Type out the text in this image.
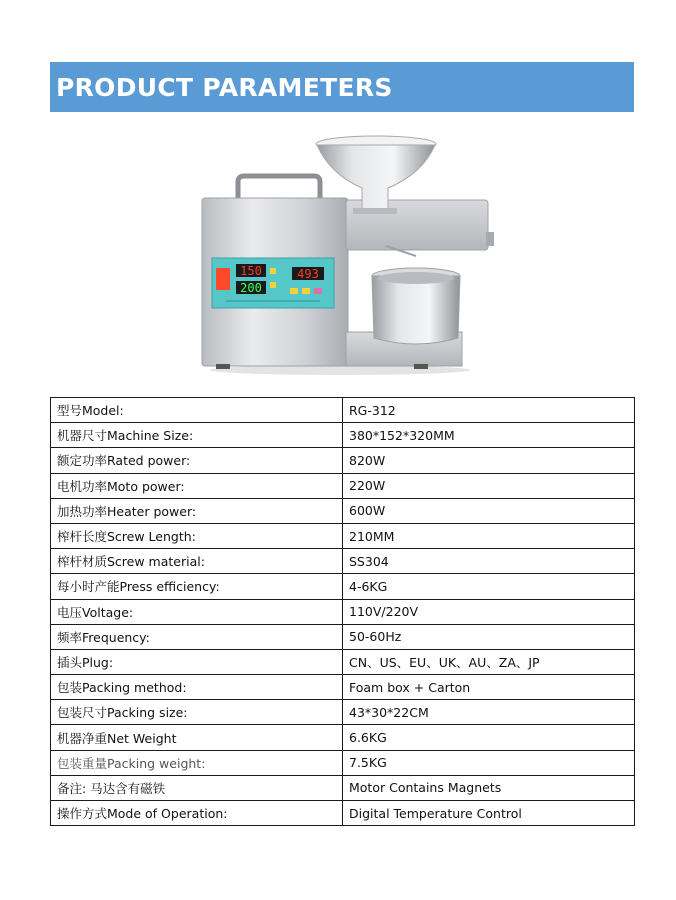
PRODUCT PARAMETERS
150
200
493
型号Model:	RG-312
机器尺寸Machine Size:	380*152*320MM
额定功率Rated power:	820W
电机功率Moto power:	220W
加热功率Heater power:	600W
榨杆长度Screw Length:	210MM
榨杆材质Screw material:	SS304
每小时产能Press efficiency:	4-6KG
电压Voltage:	110V/220V
频率Frequency:	50-60Hz
插头Plug:	CN、US、EU、UK、AU、ZA、JP
包装Packing method:	Foam box + Carton
包装尺寸Packing size:	43*30*22CM
机器净重Net Weight	6.6KG
包装重量Packing weight:	7.5KG
备注: 马达含有磁铁	Motor Contains Magnets
操作方式Mode of Operation:	Digital Temperature Control
